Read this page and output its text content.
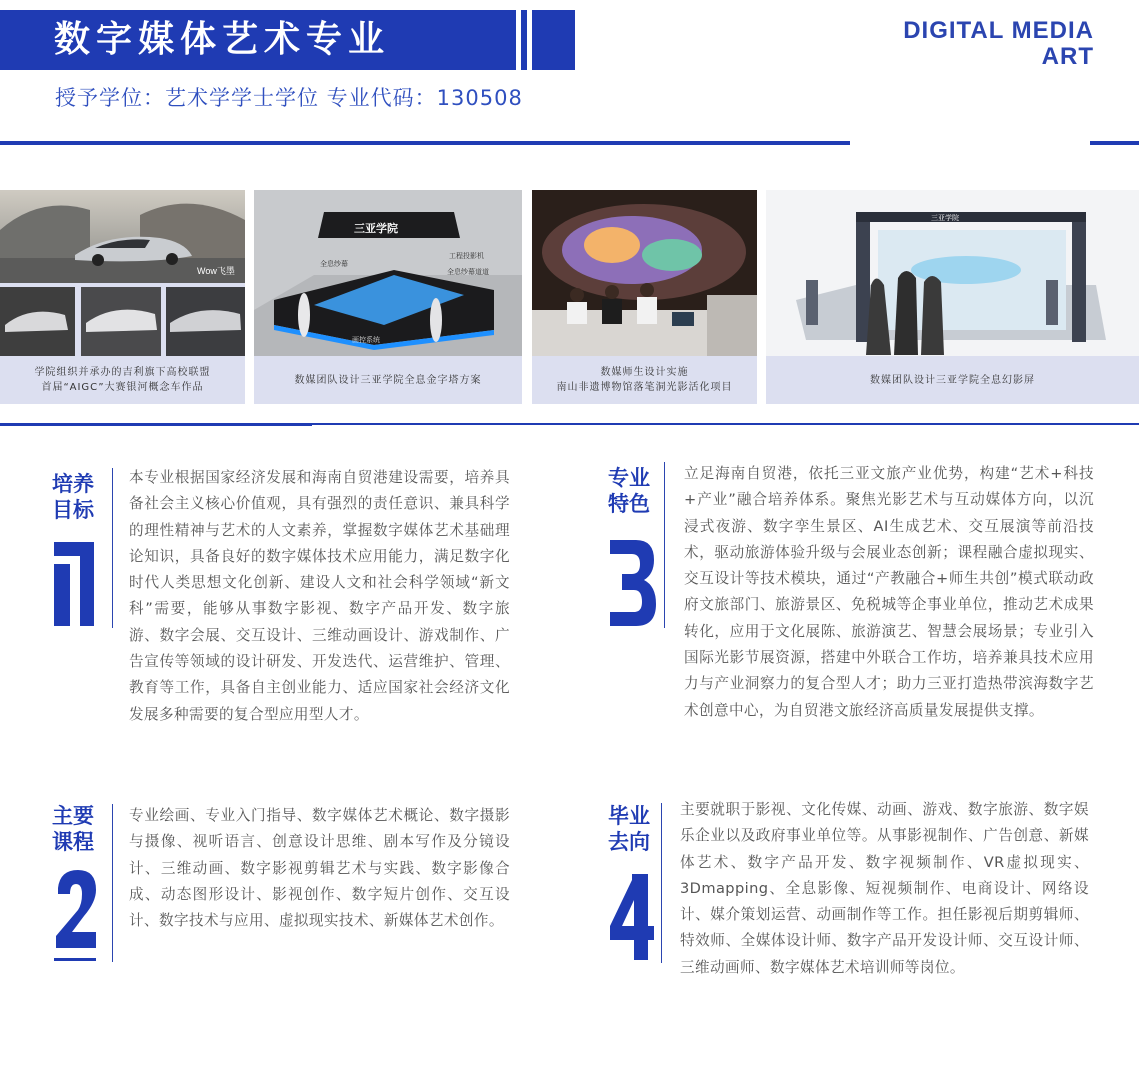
数字媒体艺术专业
授予学位：艺术学学士学位 专业代码：130508
DIGITAL MEDIA
ART
Wow飞墨
学院组织并承办的吉利旗下高校联盟
首届“AIGC”大赛银河概念车作品
三亚学院
工程投影机
全息纱幕
全息纱幕道道
画控系统
数媒团队设计三亚学院全息金字塔方案
数媒师生设计实施
南山非遗博物馆落笔洞光影活化项目
三亚学院
数媒团队设计三亚学院全息幻影屏
培养
目标
本专业根据国家经济发展和海南自贸港建设需要，培养具备社会主义核心价值观，具有强烈的责任意识、兼具科学的理性精神与艺术的人文素养，掌握数字媒体艺术基础理论知识，具备良好的数字媒体技术应用能力，满足数字化时代人类思想文化创新、建设人文和社会科学领域“新文科”需要，能够从事数字影视、数字产品开发、数字旅游、数字会展、交互设计、三维动画设计、游戏制作、广告宣传等领域的设计研发、开发迭代、运营维护、管理、教育等工作，具备自主创业能力、适应国家社会经济文化发展多种需要的复合型应用型人才。
专业
特色
立足海南自贸港，依托三亚文旅产业优势，构建“艺术+科技+产业”融合培养体系。聚焦光影艺术与互动媒体方向，以沉浸式夜游、数字孪生景区、AI生成艺术、交互展演等前沿技术，驱动旅游体验升级与会展业态创新；课程融合虚拟现实、交互设计等技术模块，通过“产教融合+师生共创”模式联动政府文旅部门、旅游景区、免税城等企事业单位，推动艺术成果转化，应用于文化展陈、旅游演艺、智慧会展场景；专业引入国际光影节展资源，搭建中外联合工作坊，培养兼具技术应用力与产业洞察力的复合型人才；助力三亚打造热带滨海数字艺术创意中心，为自贸港文旅经济高质量发展提供支撑。
主要
课程
专业绘画、专业入门指导、数字媒体艺术概论、数字摄影与摄像、视听语言、创意设计思维、剧本写作及分镜设计、三维动画、数字影视剪辑艺术与实践、数字影像合成、动态图形设计、影视创作、数字短片创作、交互设计、数字技术与应用、虚拟现实技术、新媒体艺术创作。
毕业
去向
主要就职于影视、文化传媒、动画、游戏、数字旅游、数字娱乐企业以及政府事业单位等。从事影视制作、广告创意、新媒体艺术、数字产品开发、数字视频制作、VR虚拟现实、3Dmapping、全息影像、短视频制作、电商设计、网络设计、媒介策划运营、动画制作等工作。担任影视后期剪辑师、特效师、全媒体设计师、数字产品开发设计师、交互设计师、三维动画师、数字媒体艺术培训师等岗位。
